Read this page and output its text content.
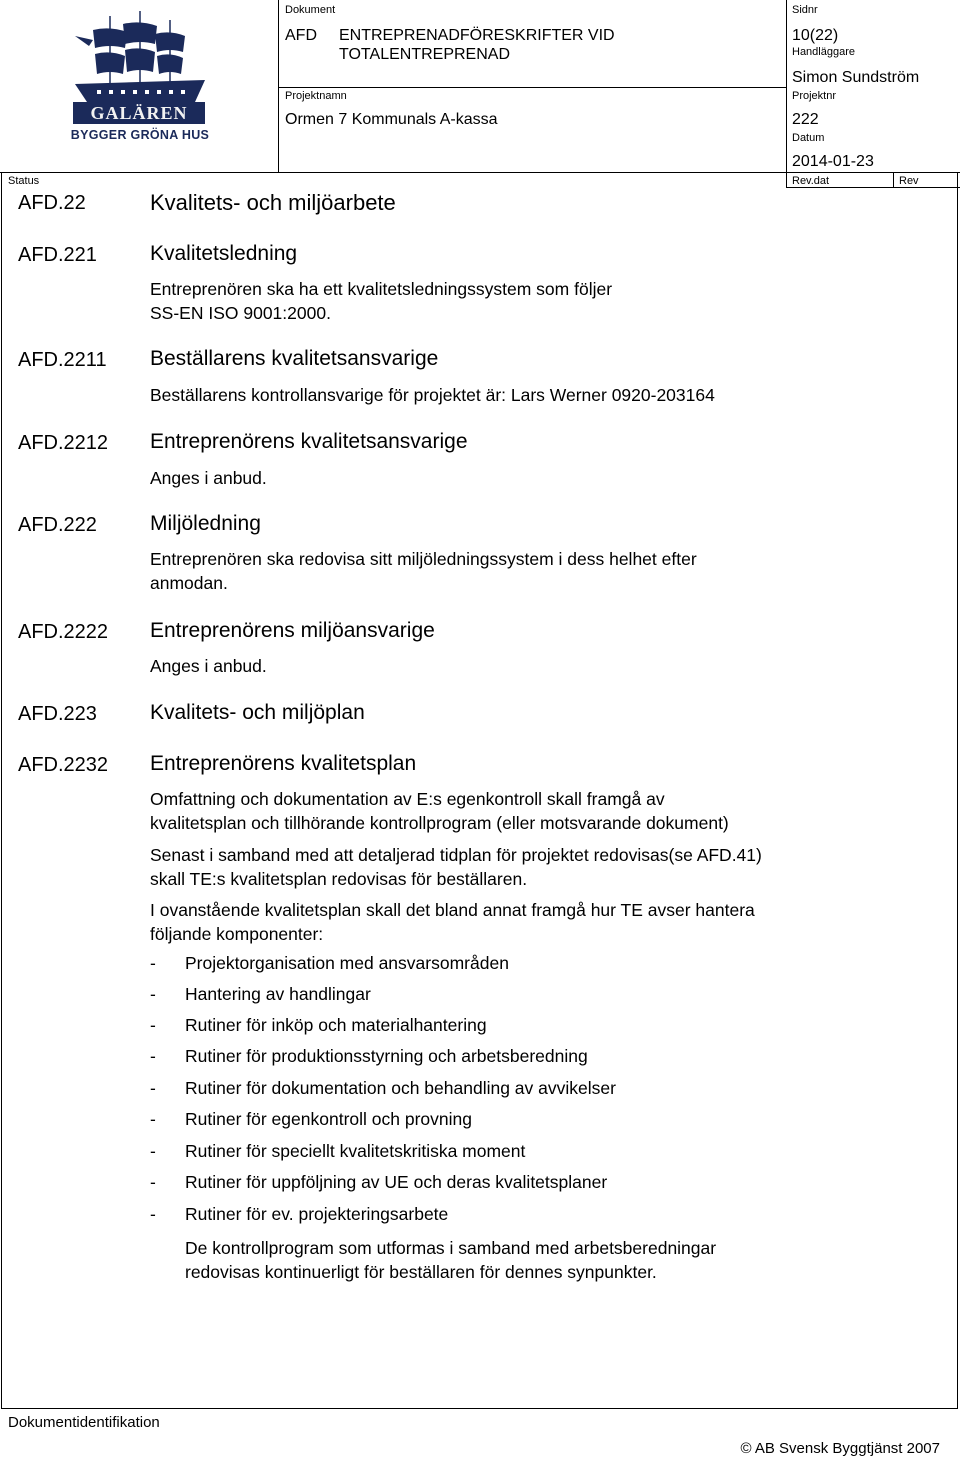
GALÄREN
BYGGER GRÖNA HUS
Dokument
AFD ENTREPRENADFÖRESKRIFTER VID
TOTALENTREPRENAD
Projektnamn
Ormen 7 Kommunals A-kassa
Sidnr
10(22)
Handläggare
Simon Sundström
Projektnr
222
Datum
2014-01-23
Status	Rev.dat	Rev
AFD.22	Kvalitets- och miljöarbete
AFD.221	Kvalitetsledning
Entreprenören ska ha ett kvalitetsledningssystem som följer
SS-EN ISO 9001:2000.
AFD.2211 Beställarens kvalitetsansvarige
Beställarens kontrollansvarige för projektet är: Lars Werner 0920-203164
AFD.2212 Entreprenörens kvalitetsansvarige
Anges i anbud.
AFD.222	Miljöledning
Entreprenören ska redovisa sitt miljöledningssystem i dess helhet efter
anmodan.
AFD.2222 Entreprenörens miljöansvarige
Anges i anbud.
AFD.223	Kvalitets- och miljöplan
AFD.2232 Entreprenörens kvalitetsplan
Omfattning och dokumentation av E:s egenkontroll skall framgå av
kvalitetsplan och tillhörande kontrollprogram (eller motsvarande dokument)
Senast i samband med att detaljerad tidplan för projektet redovisas(se AFD.41)
skall TE:s kvalitetsplan redovisas för beställaren.
I ovanstående kvalitetsplan skall det bland annat framgå hur TE avser hantera
följande komponenter:
- Projektorganisation med ansvarsområden
- Hantering av handlingar
- Rutiner för inköp och materialhantering
- Rutiner för produktionsstyrning och arbetsberedning
- Rutiner för dokumentation och behandling av avvikelser
- Rutiner för egenkontroll och provning
- Rutiner för speciellt kvalitetskritiska moment
- Rutiner för uppföljning av UE och deras kvalitetsplaner
- Rutiner för ev. projekteringsarbete
De kontrollprogram som utformas i samband med arbetsberedningar
redovisas kontinuerligt för beställaren för dennes synpunkter.
Dokumentidentifikation
© AB Svensk Byggtjänst 2007
